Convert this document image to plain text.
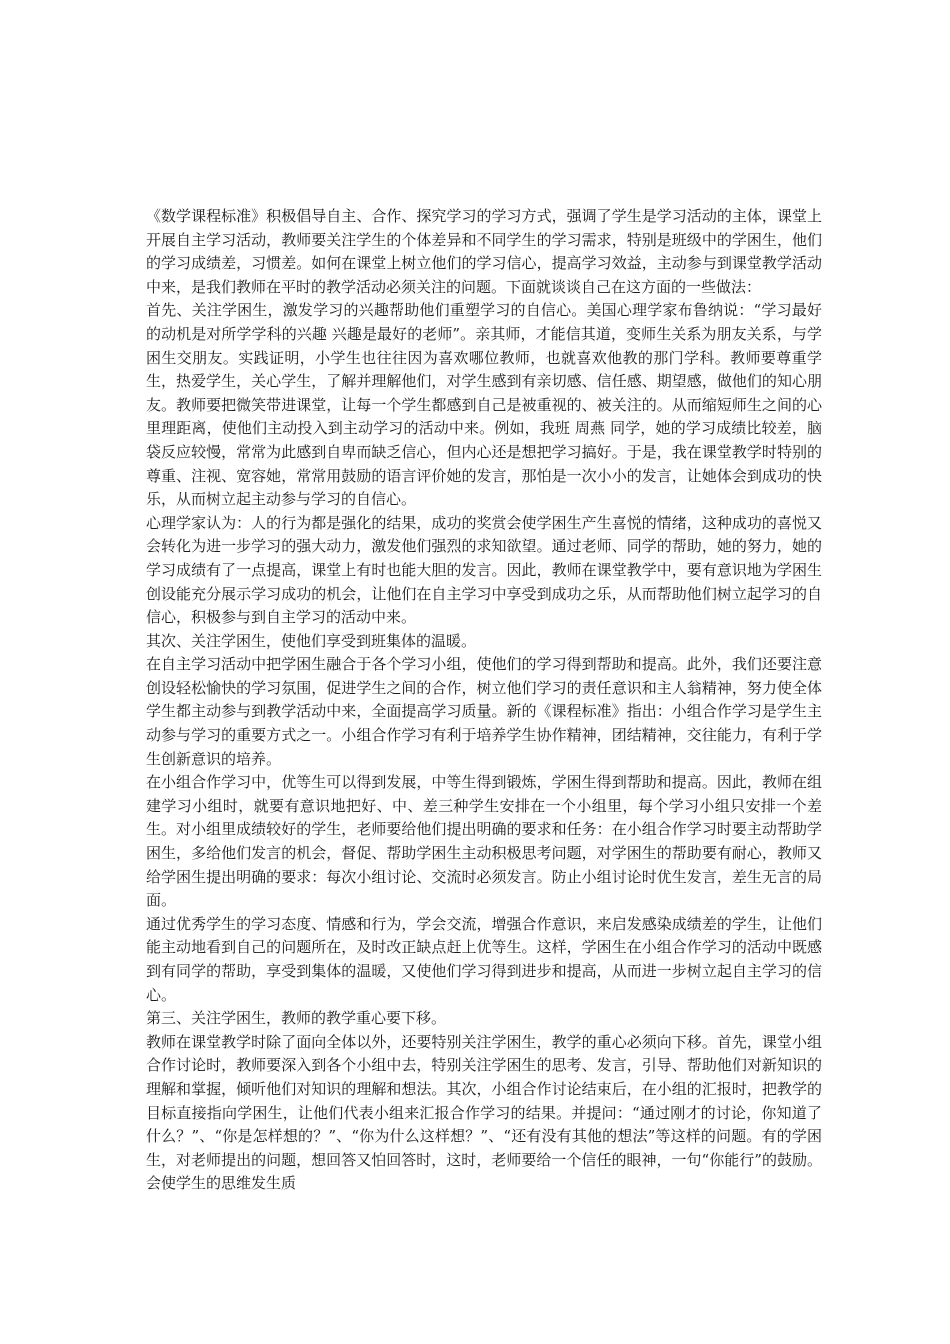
《数学课程标准》积极倡导自主、合作、探究学习的学习方式，强调了学生是学习活动的主体，课堂上开展自主学习活动，教师要关注学生的个体差异和不同学生的学习需求，特别是班级中的学困生，他们的学习成绩差，习惯差。如何在课堂上树立他们的学习信心，提高学习效益，主动参与到课堂教学活动中来，是我们教师在平时的教学活动必须关注的问题。下面就谈谈自己在这方面的一些做法：

首先、关注学困生，激发学习的兴趣帮助他们重塑学习的自信心。美国心理学家布鲁纳说：“学习最好的动机是对所学学科的兴趣 兴趣是最好的老师”。亲其师，才能信其道，变师生关系为朋友关系，与学困生交朋友。实践证明，小学生也往往因为喜欢哪位教师，也就喜欢他教的那门学科。教师要尊重学生，热爱学生，关心学生，了解并理解他们，对学生感到有亲切感、信任感、期望感，做他们的知心朋友。教师要把微笑带进课堂，让每一个学生都感到自己是被重视的、被关注的。从而缩短师生之间的心里理距离，使他们主动投入到主动学习的活动中来。例如，我班 周燕 同学，她的学习成绩比较差，脑袋反应较慢，常常为此感到自卑而缺乏信心，但内心还是想把学习搞好。于是，我在课堂教学时特别的尊重、注视、宽容她，常常用鼓励的语言评价她的发言，那怕是一次小小的发言，让她体会到成功的快乐，从而树立起主动参与学习的自信心。

心理学家认为：人的行为都是强化的结果，成功的奖赏会使学困生产生喜悦的情绪，这种成功的喜悦又会转化为进一步学习的强大动力，激发他们强烈的求知欲望。通过老师、同学的帮助，她的努力，她的学习成绩有了一点提高，课堂上有时也能大胆的发言。因此，教师在课堂教学中，要有意识地为学困生创设能充分展示学习成功的机会，让他们在自主学习中享受到成功之乐，从而帮助他们树立起学习的自信心，积极参与到自主学习的活动中来。

其次、关注学困生，使他们享受到班集体的温暖。

在自主学习活动中把学困生融合于各个学习小组，使他们的学习得到帮助和提高。此外，我们还要注意创设轻松愉快的学习氛围，促进学生之间的合作，树立他们学习的责任意识和主人翁精神，努力使全体学生都主动参与到教学活动中来，全面提高学习质量。新的《课程标准》指出：小组合作学习是学生主动参与学习的重要方式之一。小组合作学习有利于培养学生协作精神，团结精神，交往能力，有利于学生创新意识的培养。

在小组合作学习中，优等生可以得到发展，中等生得到锻炼，学困生得到帮助和提高。因此，教师在组建学习小组时，就要有意识地把好、中、差三种学生安排在一个小组里，每个学习小组只安排一个差生。对小组里成绩较好的学生，老师要给他们提出明确的要求和任务：在小组合作学习时要主动帮助学困生，多给他们发言的机会，督促、帮助学困生主动积极思考问题，对学困生的帮助要有耐心，教师又给学困生提出明确的要求：每次小组讨论、交流时必须发言。防止小组讨论时优生发言，差生无言的局面。

通过优秀学生的学习态度、情感和行为，学会交流，增强合作意识，来启发感染成绩差的学生，让他们能主动地看到自己的问题所在，及时改正缺点赶上优等生。这样，学困生在小组合作学习的活动中既感到有同学的帮助，享受到集体的温暖，又使他们学习得到进步和提高，从而进一步树立起自主学习的信心。

第三、关注学困生，教师的教学重心要下移。

教师在课堂教学时除了面向全体以外，还要特别关注学困生，教学的重心必须向下移。首先，课堂小组合作讨论时，教师要深入到各个小组中去，特别关注学困生的思考、发言，引导、帮助他们对新知识的理解和掌握，倾听他们对知识的理解和想法。其次，小组合作讨论结束后，在小组的汇报时，把教学的目标直接指向学困生，让他们代表小组来汇报合作学习的结果。并提问：“通过刚才的讨论，你知道了什么？”、“你是怎样想的？”、“你为什么这样想？”、“还有没有其他的想法”等这样的问题。有的学困生，对老师提出的问题，想回答又怕回答时，这时，老师要给一个信任的眼神，一句“你能行”的鼓励。会使学生的思维发生质
